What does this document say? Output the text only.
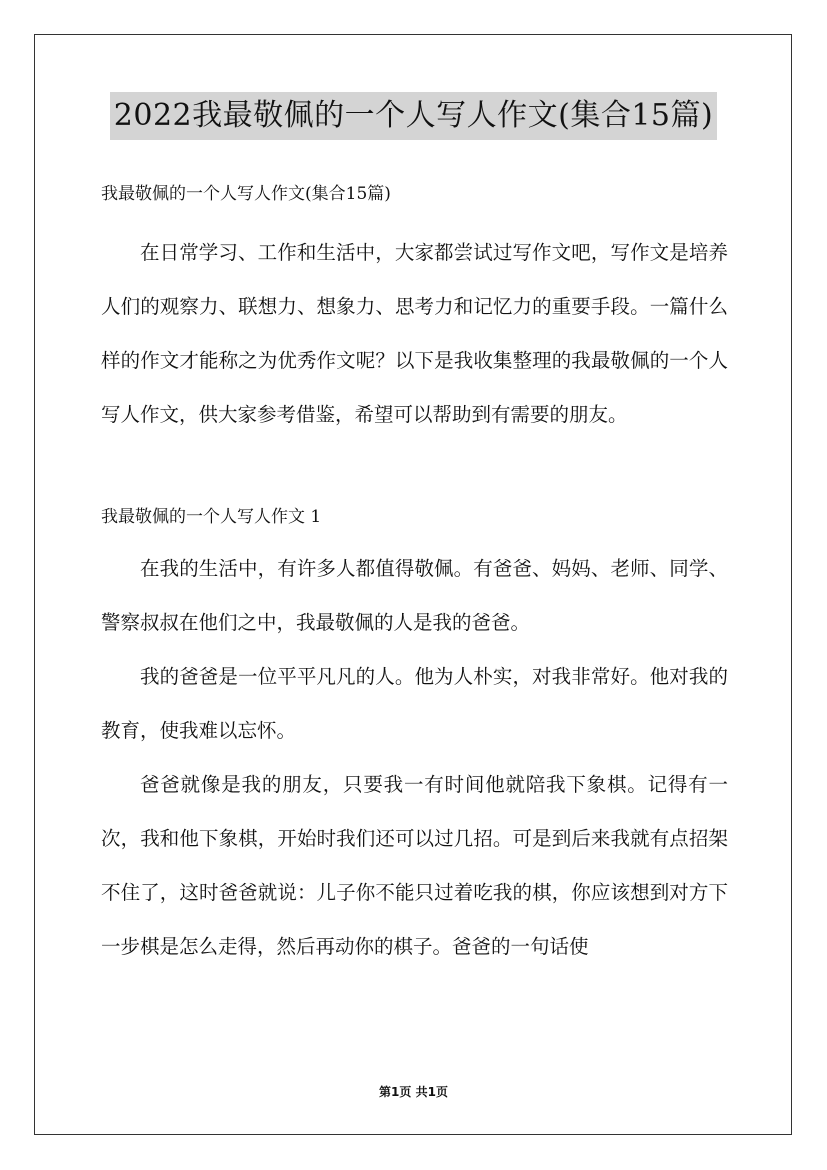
2022我最敬佩的一个人写人作文(集合15篇)
我最敬佩的一个人写人作文(集合15篇)

在日常学习、工作和生活中，大家都尝试过写作文吧，写作文是培养人们的观察力、联想力、想象力、思考力和记忆力的重要手段。一篇什么样的作文才能称之为优秀作文呢？以下是我收集整理的我最敬佩的一个人写人作文，供大家参考借鉴，希望可以帮助到有需要的朋友。

我最敬佩的一个人写人作文 1

在我的生活中，有许多人都值得敬佩。有爸爸、妈妈、老师、同学、警察叔叔在他们之中，我最敬佩的人是我的爸爸。

我的爸爸是一位平平凡凡的人。他为人朴实，对我非常好。他对我的教育，使我难以忘怀。

爸爸就像是我的朋友，只要我一有时间他就陪我下象棋。记得有一次，我和他下象棋，开始时我们还可以过几招。可是到后来我就有点招架不住了，这时爸爸就说：儿子你不能只过着吃我的棋，你应该想到对方下一步棋是怎么走得，然后再动你的棋子。爸爸的一句话使

第1页 共1页
